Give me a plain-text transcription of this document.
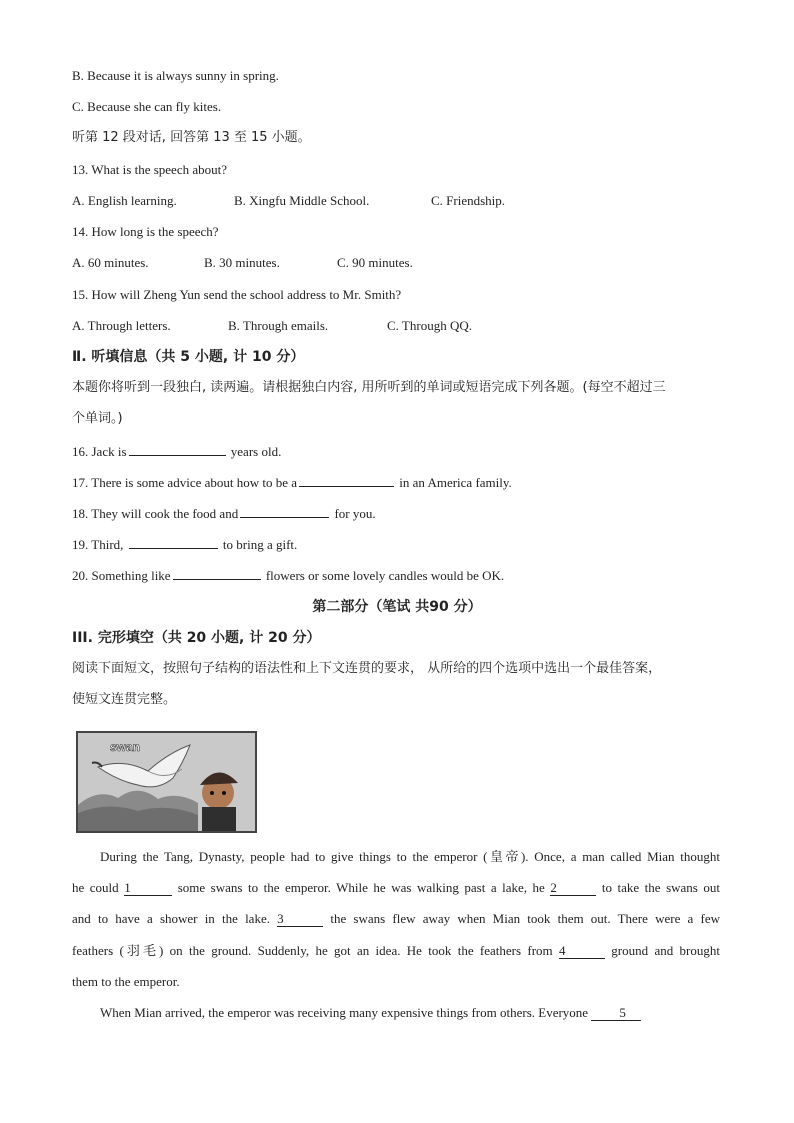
B. Because it is always sunny in spring.
C. Because she can fly kites.
听第 12 段对话, 回答第 13 至 15 小题。
13. What is the speech about?
A. English learning.	B. Xingfu Middle School.	C. Friendship.
14. How long is the speech?
A. 60 minutes.	B. 30 minutes.	C. 90 minutes.
15. How will Zheng Yun send the school address to Mr. Smith?
A. Through letters.	B. Through emails.	C. Through QQ.
Ⅱ. 听填信息（共 5 小题, 计 10 分）
本题你将听到一段独白, 读两遍。请根据独白内容, 用所听到的单词或短语完成下列各题。(每空不超过三
个单词。)
16. Jack is	years old.
17. There is some advice about how to be a	in an America family.
18. They will cook the food and	for you.
19. Third,	to bring a gift.
20. Something like	flowers or some lovely candles would be OK.
第二部分（笔试 共90 分）
III. 完形填空（共 20 小题, 计 20 分）
阅读下面短文，按照句子结构的语法性和上下文连贯的要求， 从所给的四个选项中选出一个最佳答案，
使短文连贯完整。
swan

During the Tang, Dynasty, people had to give things to the emperor (皇帝). Once, a man called Mian thought

he could 1	some swans to the emperor. While he was walking past a lake, he 2	to take the swans out

and to have a shower in the lake. 3	the swans flew away when Mian took them out. There were a few

feathers (羽毛) on the ground. Suddenly, he got an idea. He took the feathers from 4	ground and brought

them to the emperor.

When Mian arrived, the emperor was receiving many expensive things from others. Everyone 5
